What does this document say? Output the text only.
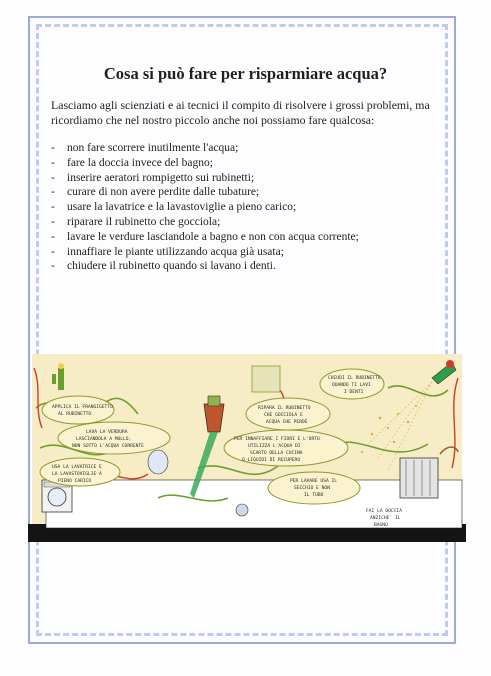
Cosa si può fare per risparmiare acqua?
Lasciamo agli scienziati e ai tecnici il compito di risolvere i grossi problemi, ma ricordiamo che nel nostro piccolo anche noi possiamo fare qualcosa:
- non fare scorrere inutilmente l'acqua;
- fare la doccia invece del bagno;
- inserire aeratori rompigetto sui rubinetti;
- curare di non avere perdite dalle tubature;
- usare la lavatrice e la lavastoviglie a pieno carico;
- riparare il rubinetto che gocciola;
- lavare le verdure lasciandole a bagno e non con acqua corrente;
- innaffiare le piante utilizzando acqua già usata;
- chiudere il rubinetto quando si lavano i denti.
APPLICA IL FRANGIGETTO
AL RUBINETTO
LAVA LA VERDURA
LASCIANDOLA A MOLLO,
NON SOTTO L'ACQUA CORRENTE
USA LA LAVATRICE E
LA LAVASTOVIGLIE A
PIENO CARICO
CHIUDI IL RUBINETTO
QUANDO TI LAVI
I DENTI
RIPARA IL RUBINETTO
CHE GOCCIOLA E
ACQUA CHE PERDE
PER INNAFFIARE I FIORI E L'ORTO
UTILIZZA L'ACQUA DI
SCARTO DELLA CUCINA
O LIQUIDI DI RECUPERO
PER LAVARE USA IL
SECCHIO E NON
IL TUBO
FAI LA DOCCIA
ANZICHE' IL
BAGNO
